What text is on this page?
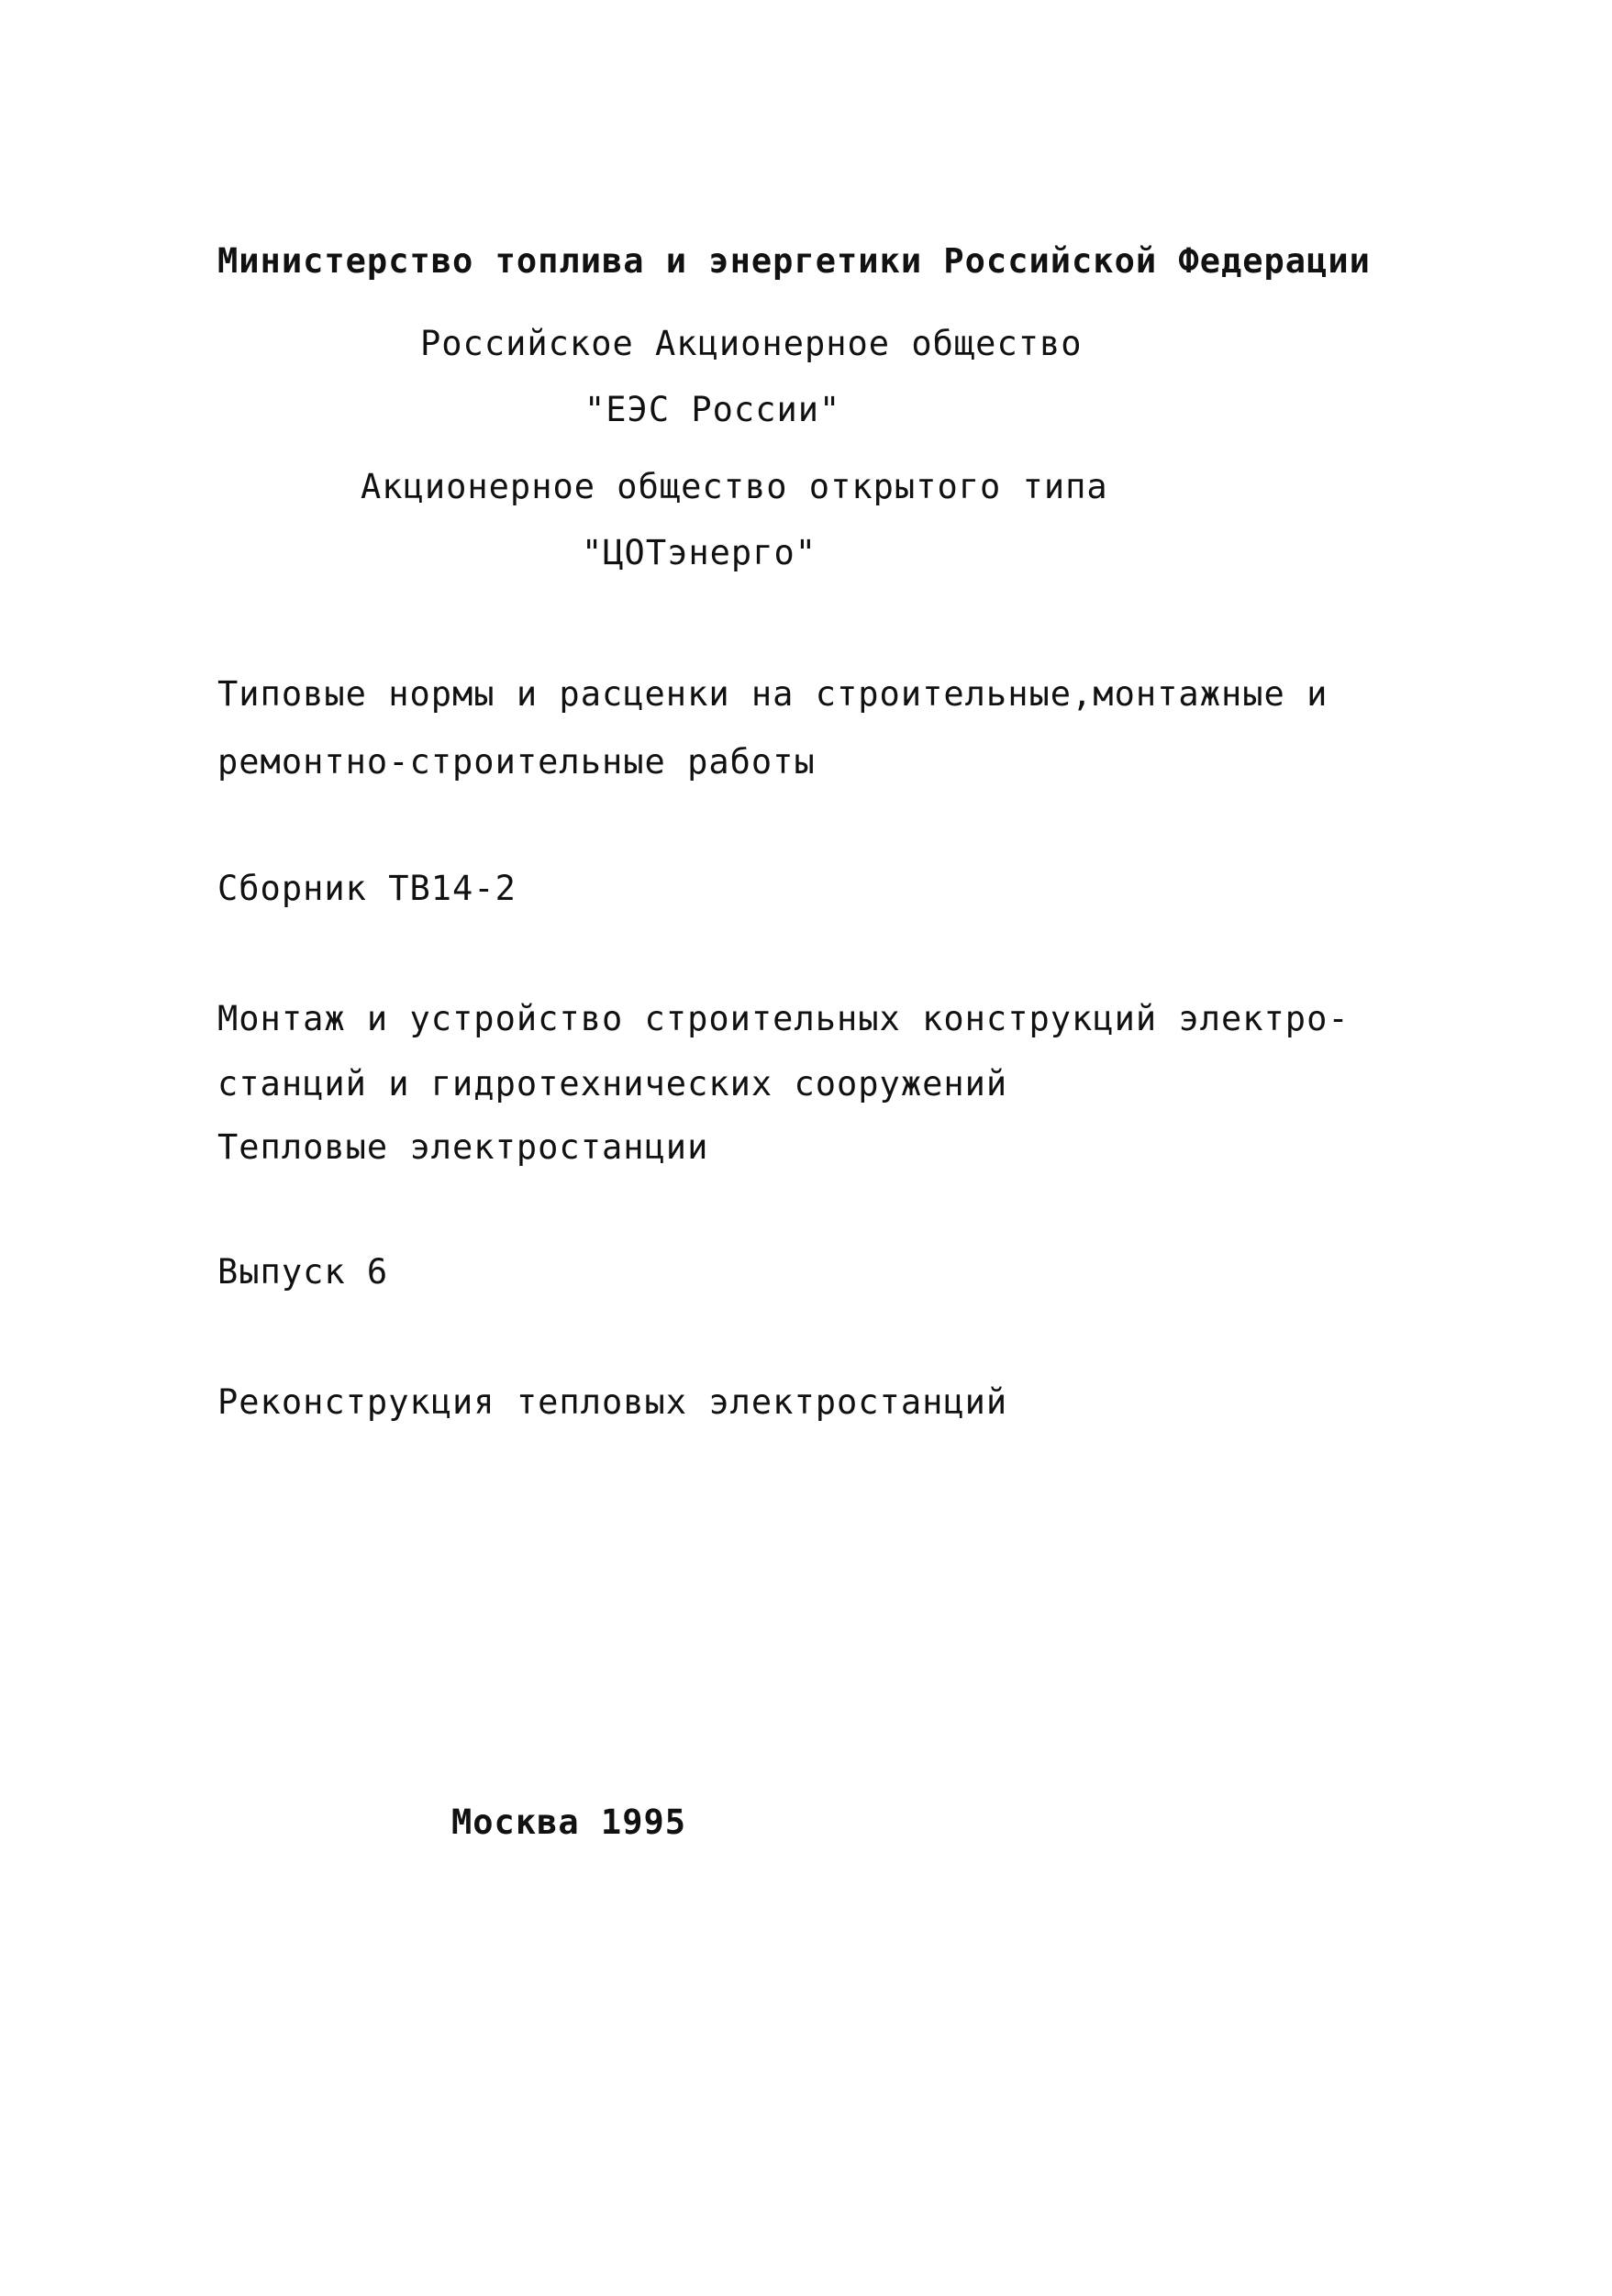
Министерство топлива и энергетики Российской Федерации
Российское Акционерное общество
"ЕЭС России"
Акционерное общество открытого типа
"ЦОТэнерго"
Типовые нормы и расценки на строительные,монтажные и
ремонтно-строительные работы
Сборник ТВ14-2
Монтаж и устройство строительных конструкций электро-
станций и гидротехнических сооружений
Тепловые электростанции
Выпуск 6
Реконструкция тепловых электростанций
Москва 1995
